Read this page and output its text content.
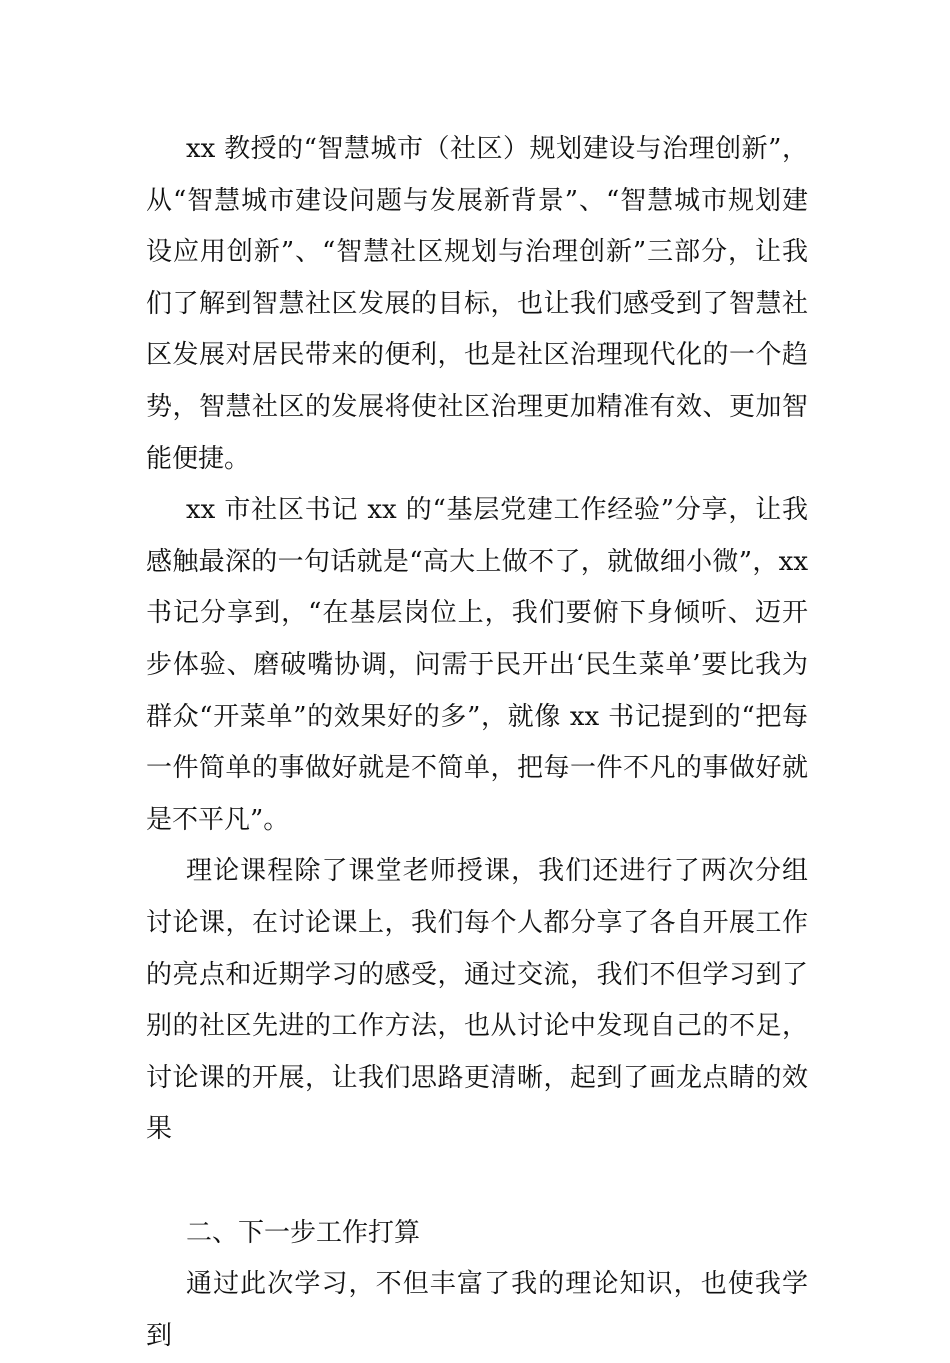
xx 教授的“智慧城市（社区）规划建设与治理创新”，从“智慧城市建设问题与发展新背景”、“智慧城市规划建设应用创新”、“智慧社区规划与治理创新”三部分，让我们了解到智慧社区发展的目标，也让我们感受到了智慧社区发展对居民带来的便利，也是社区治理现代化的一个趋势，智慧社区的发展将使社区治理更加精准有效、更加智能便捷。

xx 市社区书记 xx 的“基层党建工作经验”分享，让我感触最深的一句话就是“高大上做不了，就做细小微”，xx 书记分享到，“在基层岗位上，我们要俯下身倾听、迈开步体验、磨破嘴协调，问需于民开出‘民生菜单’要比我为群众“开菜单”的效果好的多”，就像 xx 书记提到的“把每一件简单的事做好就是不简单，把每一件不凡的事做好就是不平凡”。

理论课程除了课堂老师授课，我们还进行了两次分组讨论课，在讨论课上，我们每个人都分享了各自开展工作的亮点和近期学习的感受，通过交流，我们不但学习到了别的社区先进的工作方法，也从讨论中发现自己的不足，讨论课的开展，让我们思路更清晰，起到了画龙点睛的效果

二、下一步工作打算

通过此次学习，不但丰富了我的理论知识，也使我学到
